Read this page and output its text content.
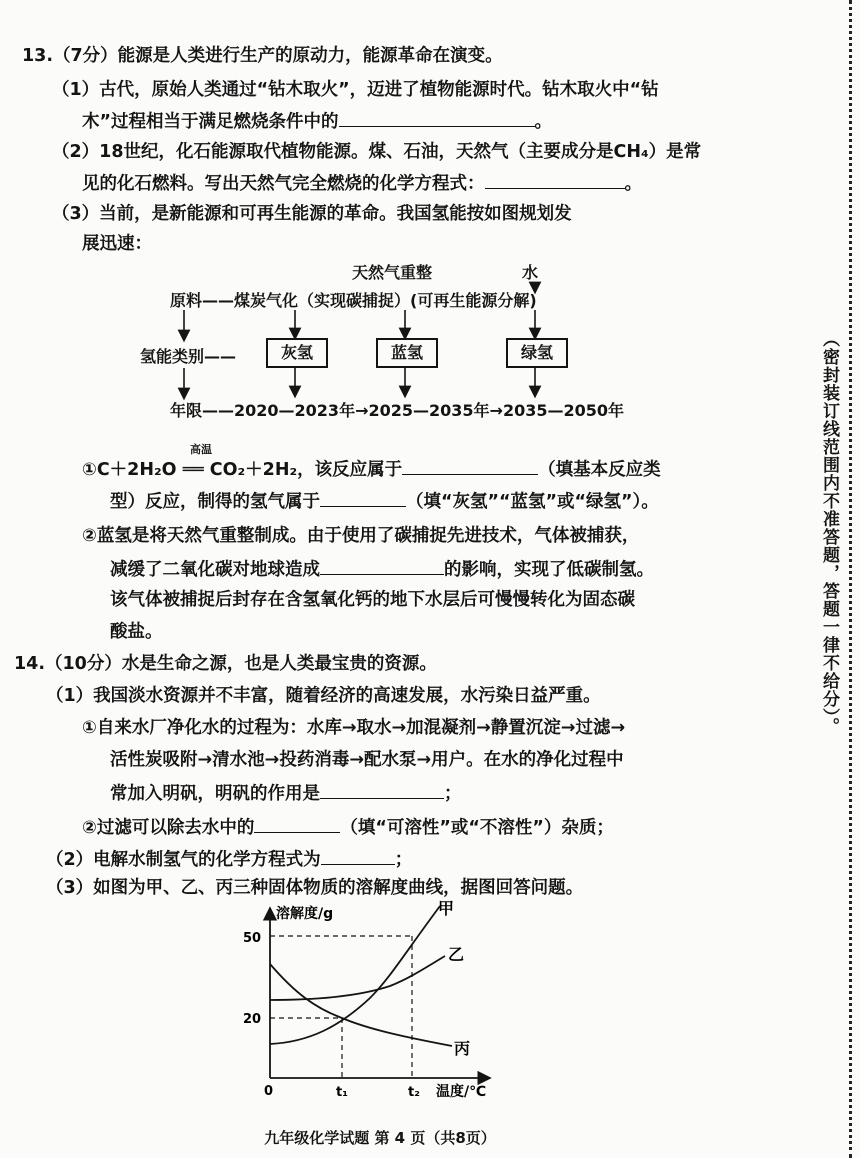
（密封装订线范围内不准答题，答题一律不给分）。
13.（7分）能源是人类进行生产的原动力，能源革命在演变。
（1）古代，原始人类通过“钻木取火”，迈进了植物能源时代。钻木取火中“钻
木”过程相当于满足燃烧条件中的	。
（2）18世纪，化石能源取代植物能源。煤、石油，天然气（主要成分是CH₄）是常
见的化石燃料。写出天然气完全燃烧的化学方程式：	。
（3）当前，是新能源和可再生能源的革命。我国氢能按如图规划发
展迅速：
天然气重整	水
原料——煤炭气化（实现碳捕捉）(可再生能源分解)
氢能类别——	灰氢	蓝氢	绿氢
年限——2020—2023年→2025—2035年→2035—2050年
①C＋2H₂O ══ CO₂＋2H₂，该反应属于	（填基本反应类
高温
型）反应，制得的氢气属于	（填“灰氢”“蓝氢”或“绿氢”）。
②蓝氢是将天然气重整制成。由于使用了碳捕捉先进技术，气体被捕获，
减缓了二氧化碳对地球造成	的影响，实现了低碳制氢。
该气体被捕捉后封存在含氢氧化钙的地下水层后可慢慢转化为固态碳
酸盐。
14.（10分）水是生命之源，也是人类最宝贵的资源。
（1）我国淡水资源并不丰富，随着经济的高速发展，水污染日益严重。
①自来水厂净化水的过程为：水库→取水→加混凝剂→静置沉淀→过滤→
活性炭吸附→清水池→投药消毒→配水泵→用户。在水的净化过程中
常加入明矾，明矾的作用是	；
②过滤可以除去水中的	（填“可溶性”或“不溶性”）杂质；
（2）电解水制氢气的化学方程式为	；
（3）如图为甲、乙、丙三种固体物质的溶解度曲线，据图回答问题。
溶解度/g
温度/℃
0
50
20
t₁	t₂
甲
乙
丙
九年级化学试题 第 4 页（共8页）
